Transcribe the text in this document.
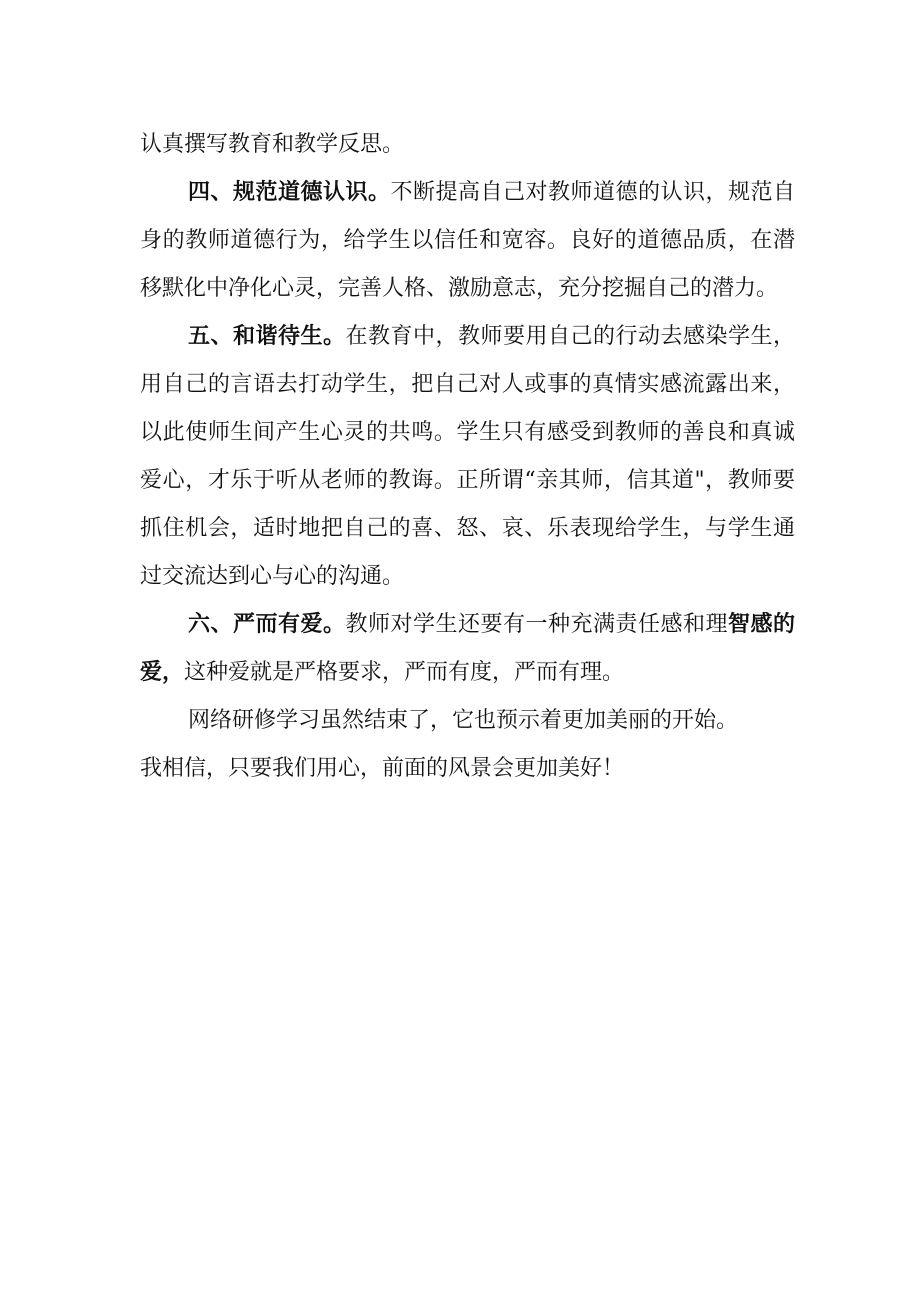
认真撰写教育和教学反思。

四、规范道德认识。不断提高自己对教师道德的认识，规范自身的教师道德行为，给学生以信任和宽容。良好的道德品质，在潜移默化中净化心灵，完善人格、激励意志，充分挖掘自己的潜力。

五、和谐待生。在教育中，教师要用自己的行动去感染学生，用自己的言语去打动学生，把自己对人或事的真情实感流露出来，以此使师生间产生心灵的共鸣。学生只有感受到教师的善良和真诚爱心，才乐于听从老师的教诲。正所谓“亲其师，信其道"，教师要抓住机会，适时地把自己的喜、怒、哀、乐表现给学生，与学生通过交流达到心与心的沟通。

六、严而有爱。教师对学生还要有一种充满责任感和理智感的爱，这种爱就是严格要求，严而有度，严而有理。

网络研修学习虽然结束了，它也预示着更加美丽的开始。

我相信，只要我们用心，前面的风景会更加美好！
